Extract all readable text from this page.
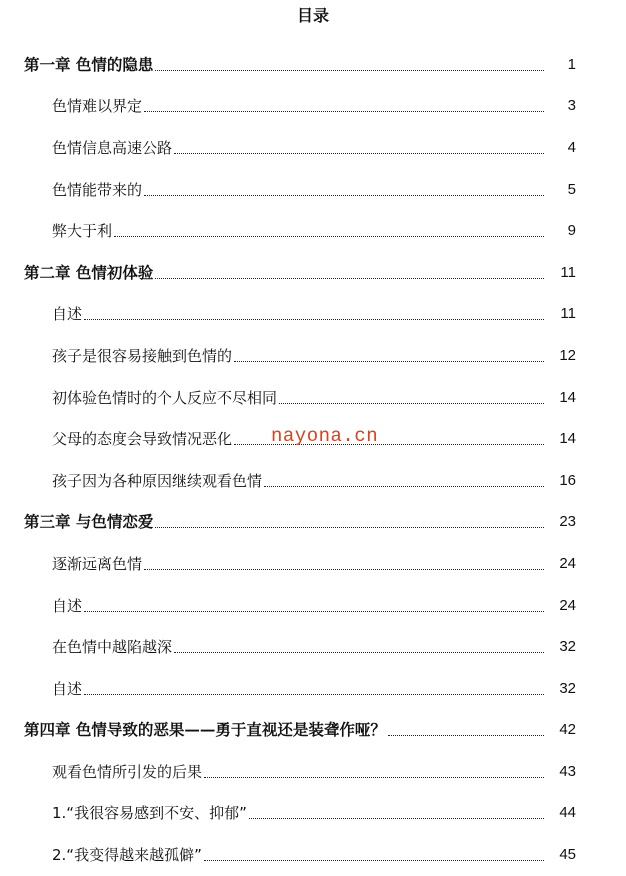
目录
第一章 色情的隐患	1
色情难以界定	3
色情信息高速公路	4
色情能带来的	5
弊大于利	9
第二章 色情初体验	11
自述	11
孩子是很容易接触到色情的	12
初体验色情时的个人反应不尽相同	14
父母的态度会导致情况恶化	14
孩子因为各种原因继续观看色情	16
第三章 与色情恋爱	23
逐渐远离色情	24
自述	24
在色情中越陷越深	32
自述	32
第四章 色情导致的恶果——勇于直视还是装聋作哑？	42
观看色情所引发的后果	43
1.“我很容易感到不安、抑郁”	44
2.“我变得越来越孤僻”	45
nayona.cn
